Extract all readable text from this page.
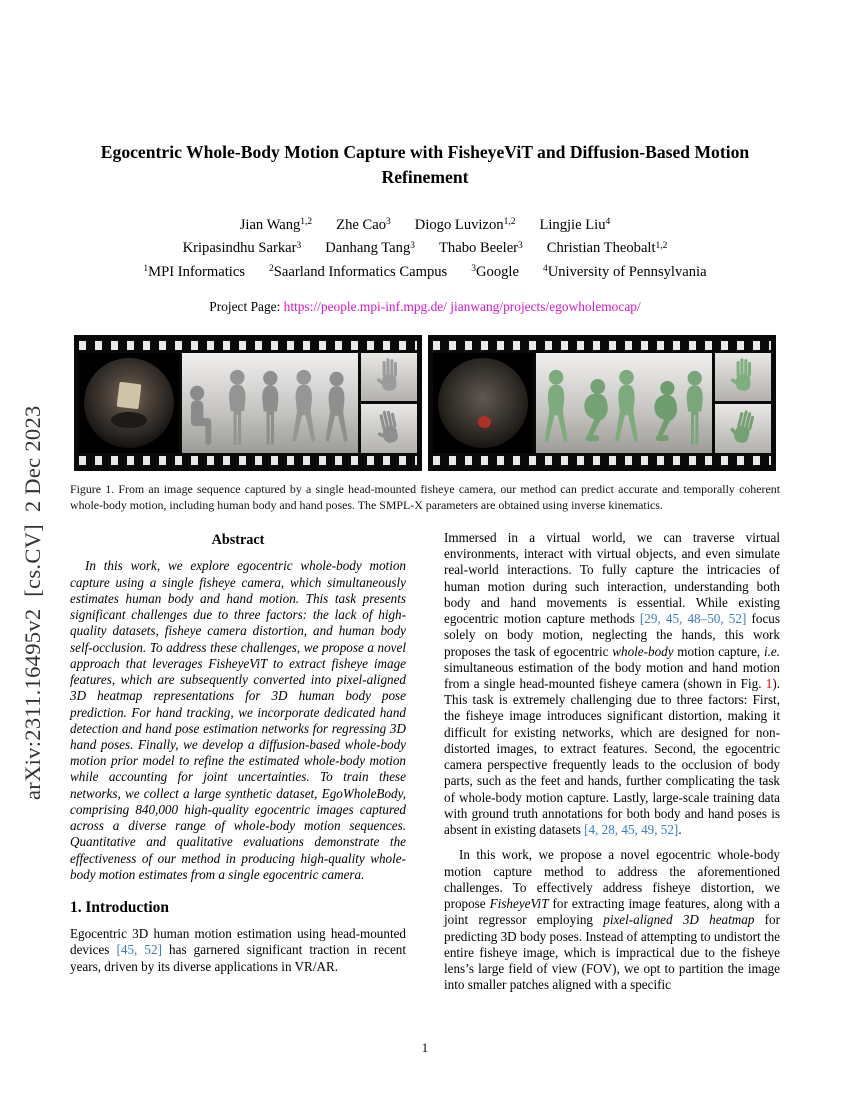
arXiv:2311.16495v2  [cs.CV]  2 Dec 2023
Egocentric Whole-Body Motion Capture with FisheyeViT and Diffusion-Based Motion Refinement
Jian Wang$^{1,2}$ Zhe Cao$^3$ Diogo Luvizon$^{1,2}$ Lingjie Liu$^4$
Kripasindhu Sarkar$^3$ Danhang Tang$^3$ Thabo Beeler$^3$ Christian Theobalt$^{1,2}$
$^1$MPI Informatics	$^2$Saarland Informatics Campus	$^3$Google	$^4$University of Pennsylvania
Project Page: https://people.mpi-inf.mpg.de/ jianwang/projects/egowholemocap/
Figure 1. From an image sequence captured by a single head-mounted fisheye camera, our method can predict accurate and temporally coherent whole-body motion, including human body and hand poses. The SMPL-X parameters are obtained using inverse kinematics.
Abstract

In this work, we explore egocentric whole-body motion capture using a single fisheye camera, which simultaneously estimates human body and hand motion. This task presents significant challenges due to three factors: the lack of high-quality datasets, fisheye camera distortion, and human body self-occlusion. To address these challenges, we propose a novel approach that leverages FisheyeViT to extract fisheye image features, which are subsequently converted into pixel-aligned 3D heatmap representations for 3D human body pose prediction. For hand tracking, we incorporate dedicated hand detection and hand pose estimation networks for regressing 3D hand poses. Finally, we develop a diffusion-based whole-body motion prior model to refine the estimated whole-body motion while accounting for joint uncertainties. To train these networks, we collect a large synthetic dataset, EgoWholeBody, comprising 840,000 high-quality egocentric images captured across a diverse range of whole-body motion sequences. Quantitative and qualitative evaluations demonstrate the effectiveness of our method in producing high-quality whole-body motion estimates from a single egocentric camera.

1. Introduction

Egocentric 3D human motion estimation using head-mounted devices [45, 52] has garnered significant traction in recent years, driven by its diverse applications in VR/AR.

Immersed in a virtual world, we can traverse virtual environments, interact with virtual objects, and even simulate real-world interactions. To fully capture the intricacies of human motion during such interaction, understanding both body and hand movements is essential. While existing egocentric motion capture methods [29, 45, 48–50, 52] focus solely on body motion, neglecting the hands, this work proposes the task of egocentric whole-body motion capture, i.e. simultaneous estimation of the body motion and hand motion from a single head-mounted fisheye camera (shown in Fig. 1). This task is extremely challenging due to three factors: First, the fisheye image introduces significant distortion, making it difficult for existing networks, which are designed for non-distorted images, to extract features. Second, the egocentric camera perspective frequently leads to the occlusion of body parts, such as the feet and hands, further complicating the task of whole-body motion capture. Lastly, large-scale training data with ground truth annotations for both body and hand poses is absent in existing datasets [4, 28, 45, 49, 52].

In this work, we propose a novel egocentric whole-body motion capture method to address the aforementioned challenges. To effectively address fisheye distortion, we propose FisheyeViT for extracting image features, along with a joint regressor employing pixel-aligned 3D heatmap for predicting 3D body poses. Instead of attempting to undistort the entire fisheye image, which is impractical due to the fisheye lens’s large field of view (FOV), we opt to partition the image into smaller patches aligned with a specific

1
